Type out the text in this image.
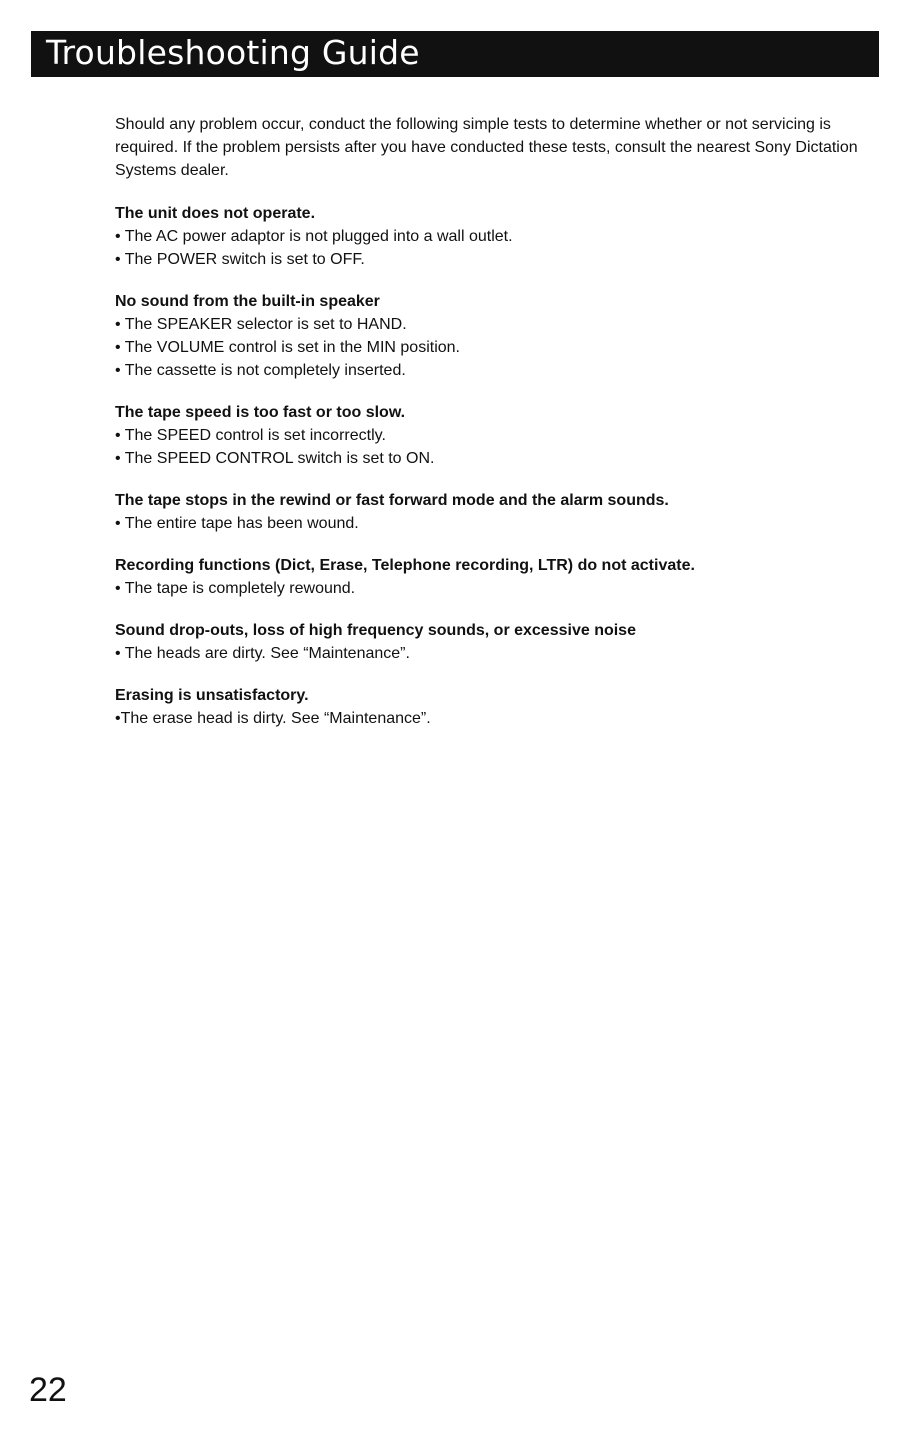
Troubleshooting Guide

Should any problem occur, conduct the following simple tests to determine whether or not servicing is required. If the problem persists after you have conducted these tests, consult the nearest Sony Dictation Systems dealer.

The unit does not operate.

• The AC power adaptor is not plugged into a wall outlet.
• The POWER switch is set to OFF.

No sound from the built-in speaker

• The SPEAKER selector is set to HAND.
• The VOLUME control is set in the MIN position.
• The cassette is not completely inserted.

The tape speed is too fast or too slow.

• The SPEED control is set incorrectly.
• The SPEED CONTROL switch is set to ON.

The tape stops in the rewind or fast forward mode and the alarm sounds.

• The entire tape has been wound.

Recording functions (Dict, Erase, Telephone recording, LTR) do not activate.

• The tape is completely rewound.

Sound drop-outs, loss of high frequency sounds, or excessive noise

• The heads are dirty. See “Maintenance”.

Erasing is unsatisfactory.

•The erase head is dirty. See “Maintenance”.
22
